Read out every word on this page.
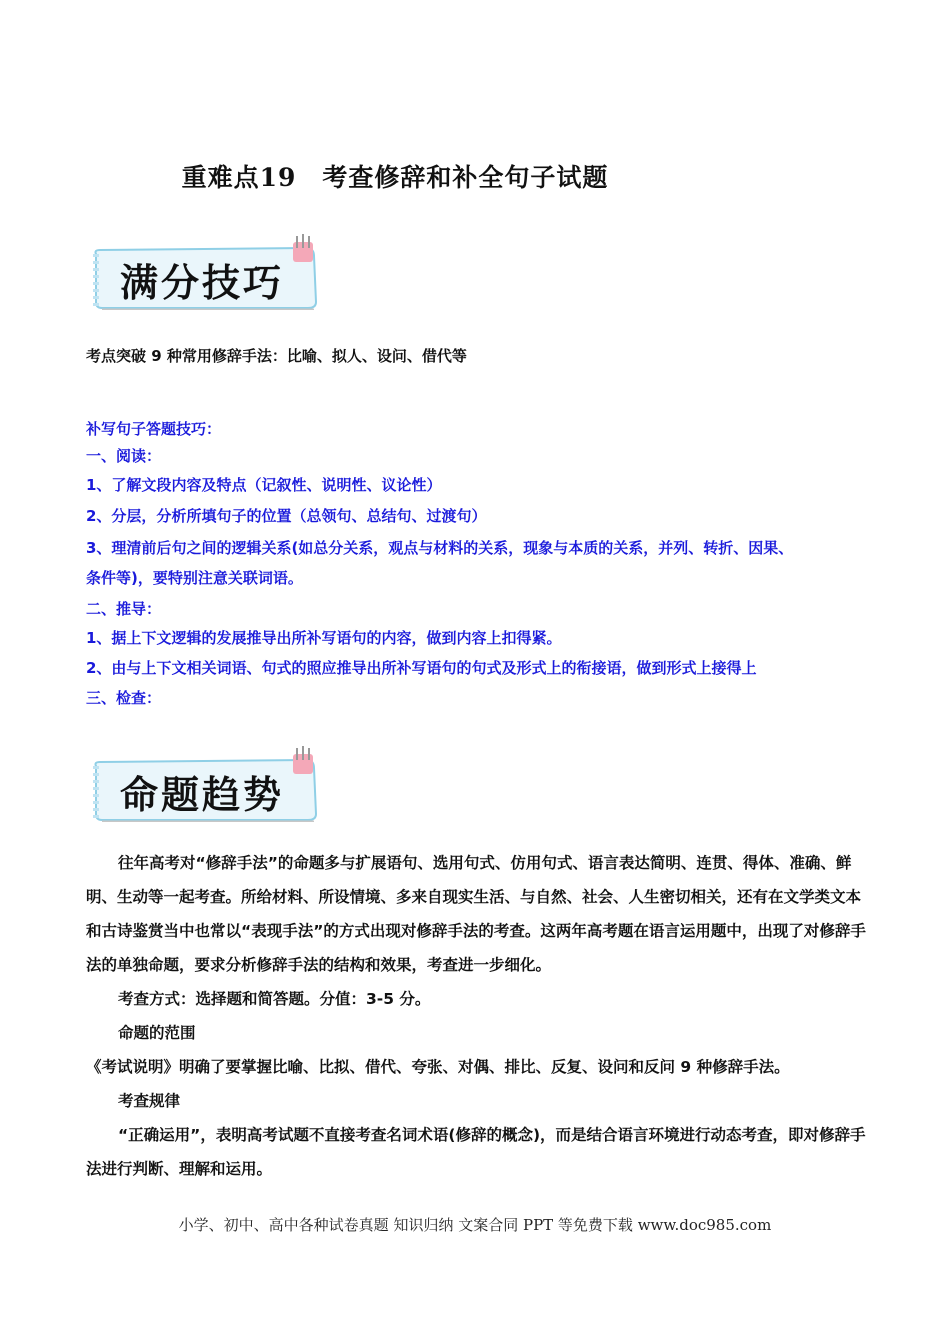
重难点19　考查修辞和补全句子试题
满分技巧
考点突破 9 种常用修辞手法：比喻、拟人、设问、借代等
补写句子答题技巧：
一、阅读：
1、了解文段内容及特点（记叙性、说明性、议论性）
2、分层，分析所填句子的位置（总领句、总结句、过渡句）
3、理清前后句之间的逻辑关系(如总分关系，观点与材料的关系，现象与本质的关系，并列、转折、因果、
条件等)，要特别注意关联词语。
二、推导：
1、据上下文逻辑的发展推导出所补写语句的内容，做到内容上扣得紧。
2、由与上下文相关词语、句式的照应推导出所补写语句的句式及形式上的衔接语，做到形式上接得上
三、检查：
命题趋势

往年高考对“修辞手法”的命题多与扩展语句、选用句式、仿用句式、语言表达简明、连贯、得体、准确、鲜明、生动等一起考查。所给材料、所设情境、多来自现实生活、与自然、社会、人生密切相关，还有在文学类文本和古诗鉴赏当中也常以“表现手法”的方式出现对修辞手法的考查。这两年高考题在语言运用题中，出现了对修辞手法的单独命题，要求分析修辞手法的结构和效果，考查进一步细化。

考查方式：选择题和简答题。分值：3-5 分。

命题的范围

《考试说明》明确了要掌握比喻、比拟、借代、夸张、对偶、排比、反复、设问和反问 9 种修辞手法。

考查规律

“正确运用”，表明高考试题不直接考查名词术语(修辞的概念)，而是结合语言环境进行动态考查，即对修辞手法进行判断、理解和运用。

小学、初中、高中各种试卷真题 知识归纳 文案合同 PPT 等免费下载 www.doc985.com
